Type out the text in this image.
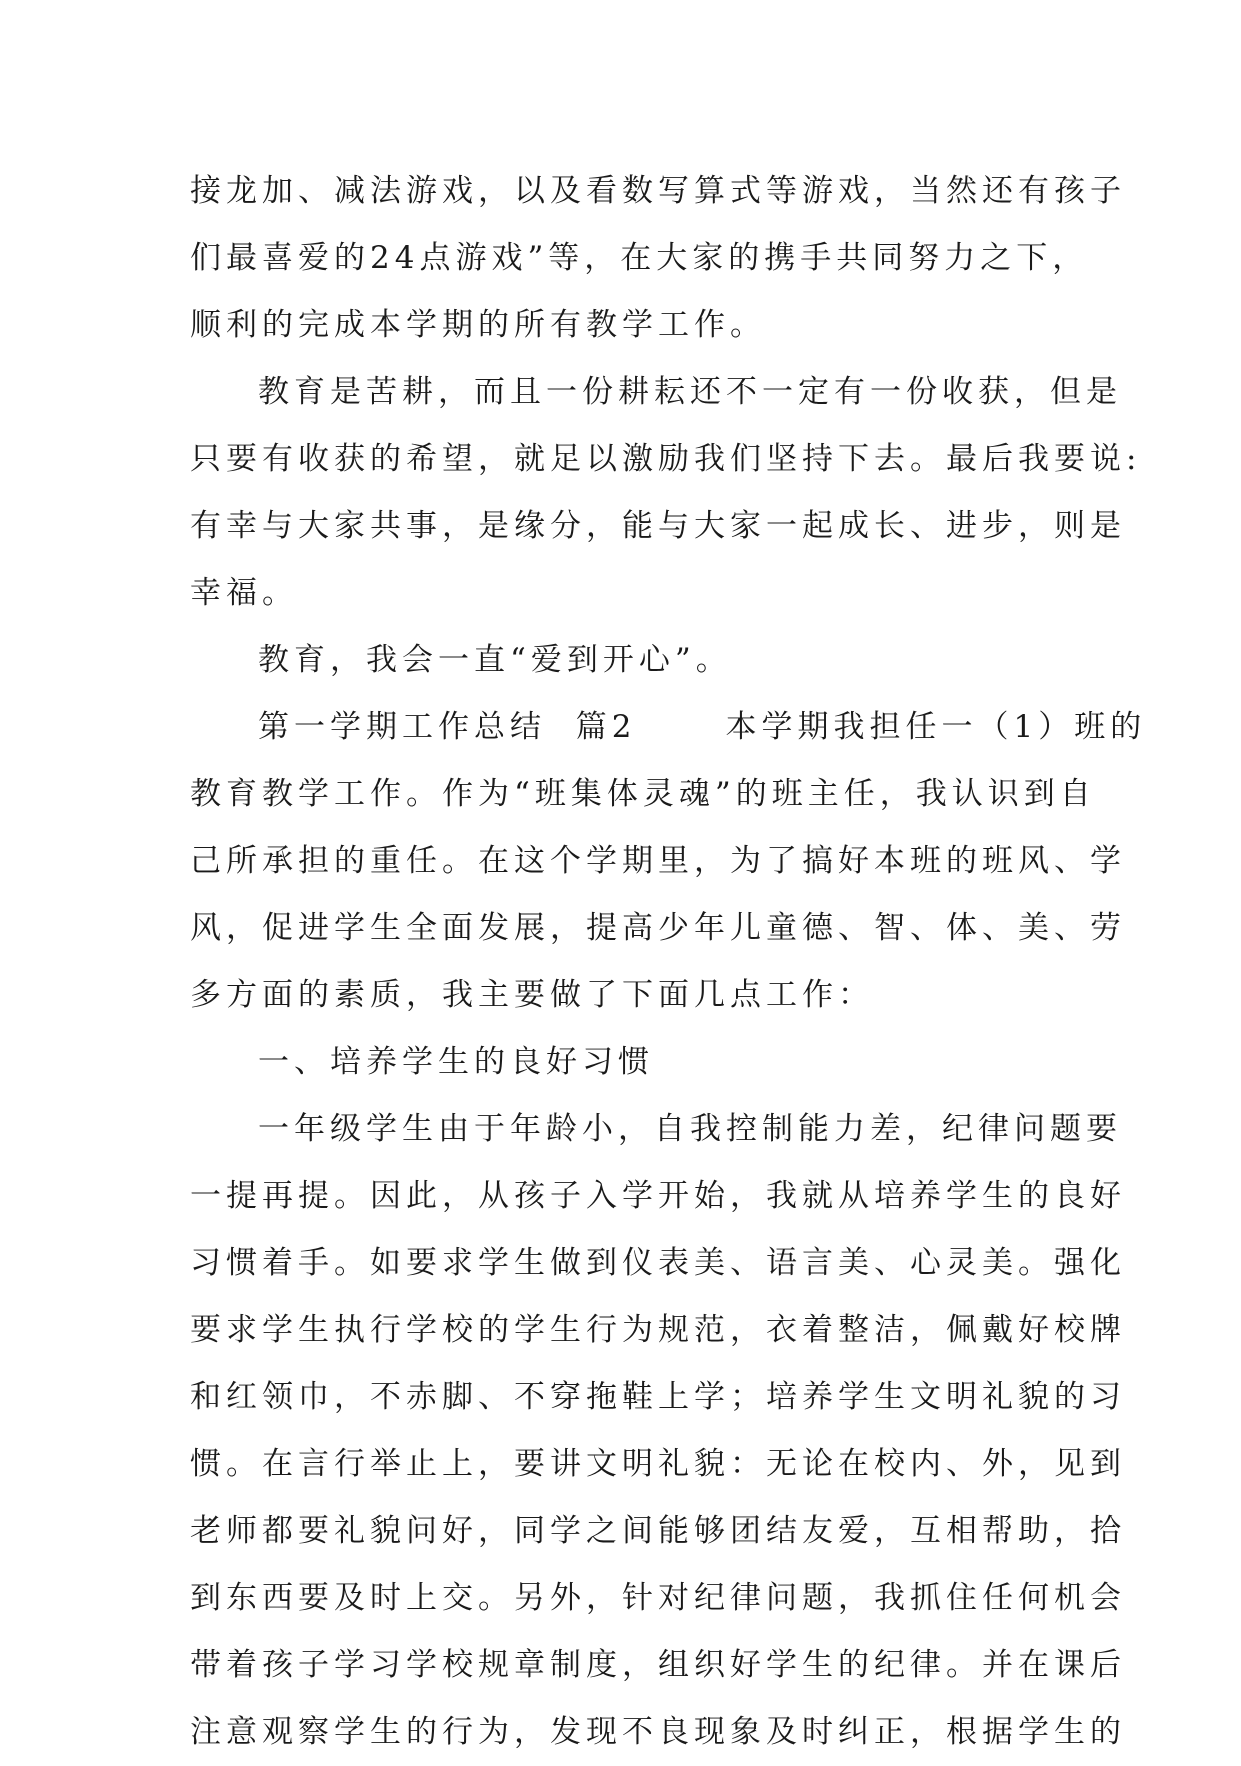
接龙加、减法游戏，以及看数写算式等游戏，当然还有孩子
们最喜爱的24点游戏”等，在大家的携手共同努力之下，
顺利的完成本学期的所有教学工作。
教育是苦耕，而且一份耕耘还不一定有一份收获，但是
只要有收获的希望，就足以激励我们坚持下去。最后我要说:
有幸与大家共事，是缘分，能与大家一起成长、进步，则是
幸福。
教育，我会一直“爱到开心”。
第一学期工作总结  篇2      本学期我担任一（1）班的
教育教学工作。作为“班集体灵魂”的班主任，我认识到自
己所承担的重任。在这个学期里，为了搞好本班的班风、学
风，促进学生全面发展，提高少年儿童德、智、体、美、劳
多方面的素质，我主要做了下面几点工作：
一、培养学生的良好习惯
一年级学生由于年龄小，自我控制能力差，纪律问题要
一提再提。因此，从孩子入学开始，我就从培养学生的良好
习惯着手。如要求学生做到仪表美、语言美、心灵美。强化
要求学生执行学校的学生行为规范，衣着整洁，佩戴好校牌
和红领巾，不赤脚、不穿拖鞋上学；培养学生文明礼貌的习
惯。在言行举止上，要讲文明礼貌：无论在校内、外，见到
老师都要礼貌问好，同学之间能够团结友爱，互相帮助，拾
到东西要及时上交。另外，针对纪律问题，我抓住任何机会
带着孩子学习学校规章制度，组织好学生的纪律。并在课后
注意观察学生的行为，发现不良现象及时纠正，根据学生的
